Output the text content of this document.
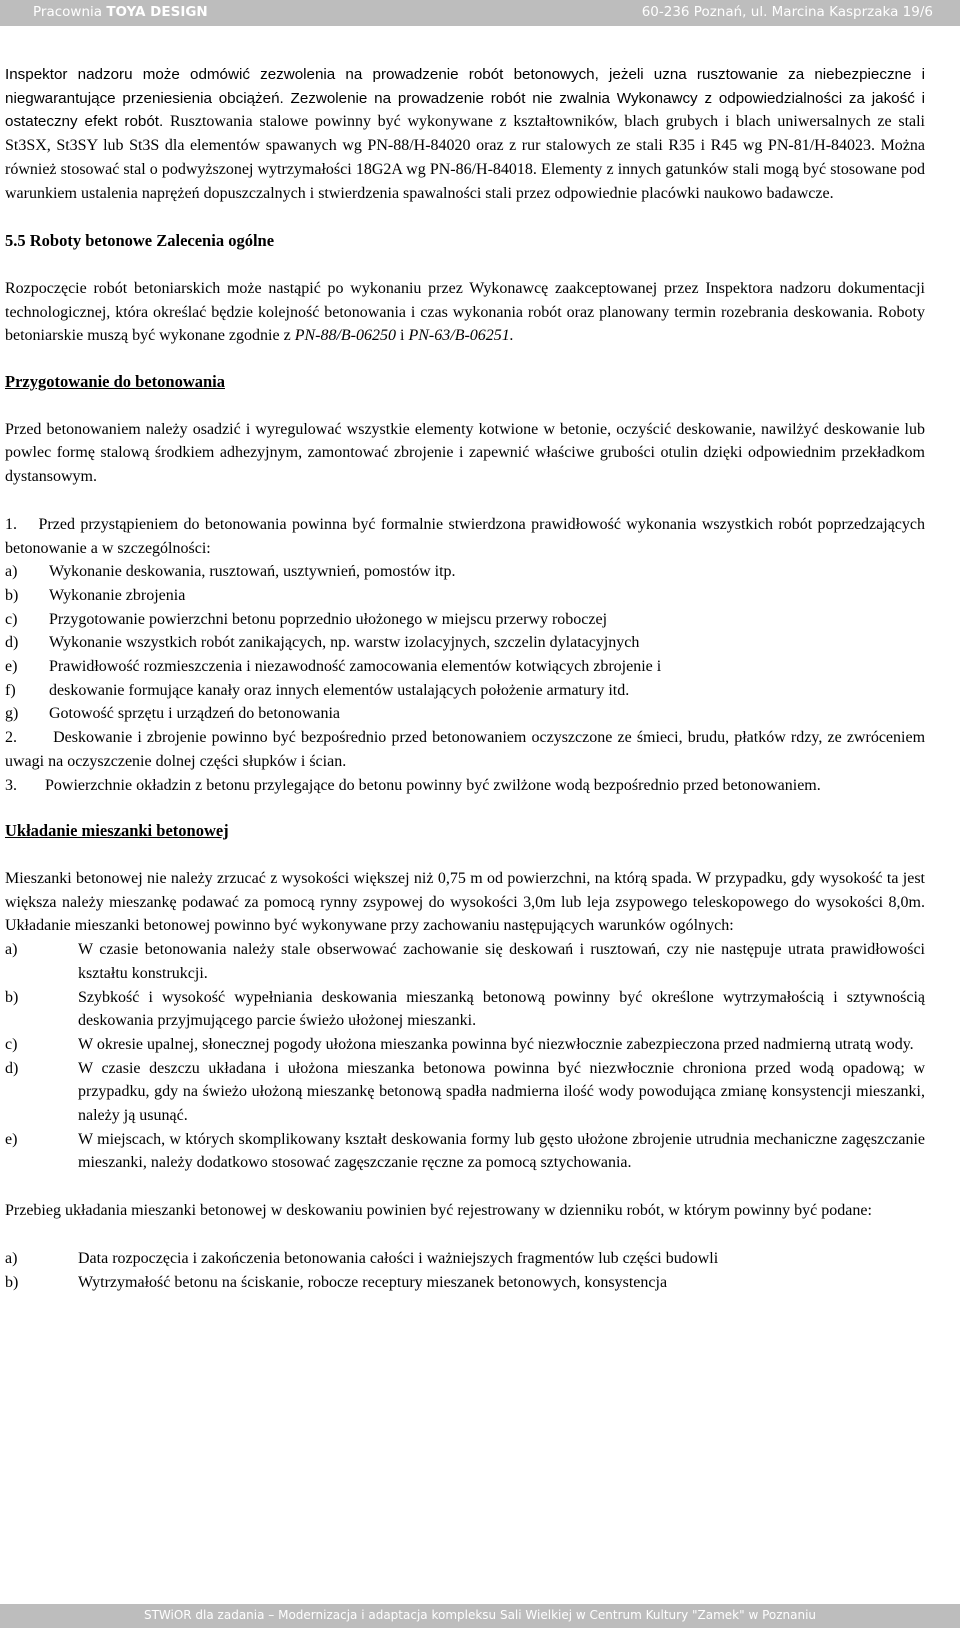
Pracownia TOYA DESIGN	60-236 Poznań, ul. Marcina Kasprzaka 19/6

Inspektor nadzoru może odmówić zezwolenia na prowadzenie robót betonowych, jeżeli uzna rusztowanie za niebezpieczne i niegwarantujące przeniesienia obciążeń. Zezwolenie na prowadzenie robót nie zwalnia Wykonawcy z odpowiedzialności za jakość i ostateczny efekt robót. Rusztowania stalowe powinny być wykonywane z kształtowników, blach grubych i blach uniwersalnych ze stali St3SX, St3SY lub St3S dla elementów spawanych wg PN-88/H-84020 oraz z rur stalowych ze stali R35 i R45 wg PN-81/H-84023. Można również stosować stal o podwyższonej wytrzymałości 18G2A wg PN-86/H-84018. Elementy z innych gatunków stali mogą być stosowane pod warunkiem ustalenia naprężeń dopuszczalnych i stwierdzenia spawalności stali przez odpowiednie placówki naukowo badawcze.

5.5 Roboty betonowe Zalecenia ogólne

Rozpoczęcie robót betoniarskich może nastąpić po wykonaniu przez Wykonawcę zaakceptowanej przez Inspektora nadzoru dokumentacji technologicznej, która określać będzie kolejność betonowania i czas wykonania robót oraz planowany termin rozebrania deskowania. Roboty betoniarskie muszą być wykonane zgodnie z PN-88/B-06250 i PN-63/B-06251.

Przygotowanie do betonowania

Przed betonowaniem należy osadzić i wyregulować wszystkie elementy kotwione w betonie, oczyścić deskowanie, nawilżyć deskowanie lub powlec formę stalową środkiem adhezyjnym, zamontować zbrojenie i zapewnić właściwe grubości otulin dzięki odpowiednim przekładkom dystansowym.

1. Przed przystąpieniem do betonowania powinna być formalnie stwierdzona prawidłowość wykonania wszystkich robót poprzedzających betonowanie a w szczególności:

a)	Wykonanie deskowania, rusztowań, usztywnień, pomostów itp.
b)	Wykonanie zbrojenia
c)	Przygotowanie powierzchni betonu poprzednio ułożonego w miejscu przerwy roboczej
d)	Wykonanie wszystkich robót zanikających, np. warstw izolacyjnych, szczelin dylatacyjnych
e)	Prawidłowość rozmieszczenia i niezawodność zamocowania elementów kotwiących zbrojenie i
f)	deskowanie formujące kanały oraz innych elementów ustalających położenie armatury itd.
g)	Gotowość sprzętu i urządzeń do betonowania

2. Deskowanie i zbrojenie powinno być bezpośrednio przed betonowaniem oczyszczone ze śmieci, brudu, płatków rdzy, ze zwróceniem uwagi na oczyszczenie dolnej części słupków i ścian.

3. Powierzchnie okładzin z betonu przylegające do betonu powinny być zwilżone wodą bezpośrednio przed betonowaniem.

Układanie mieszanki betonowej

Mieszanki betonowej nie należy zrzucać z wysokości większej niż 0,75 m od powierzchni, na którą spada. W przypadku, gdy wysokość ta jest większa należy mieszankę podawać za pomocą rynny zsypowej do wysokości 3,0m lub leja zsypowego teleskopowego do wysokości 8,0m. Układanie mieszanki betonowej powinno być wykonywane przy zachowaniu następujących warunków ogólnych:

a)	W czasie betonowania należy stale obserwować zachowanie się deskowań i rusztowań, czy nie następuje utrata prawidłowości kształtu konstrukcji.
b)	Szybkość i wysokość wypełniania deskowania mieszanką betonową powinny być określone wytrzymałością i sztywnością deskowania przyjmującego parcie świeżo ułożonej mieszanki.
c)	W okresie upalnej, słonecznej pogody ułożona mieszanka powinna być niezwłocznie zabezpieczona przed nadmierną utratą wody.
d)	W czasie deszczu układana i ułożona mieszanka betonowa powinna być niezwłocznie chroniona przed wodą opadową; w przypadku, gdy na świeżo ułożoną mieszankę betonową spadła nadmierna ilość wody powodująca zmianę konsystencji mieszanki, należy ją usunąć.
e)	W miejscach, w których skomplikowany kształt deskowania formy lub gęsto ułożone zbrojenie utrudnia mechaniczne zagęszczanie mieszanki, należy dodatkowo stosować zagęszczanie ręczne za pomocą sztychowania.

Przebieg układania mieszanki betonowej w deskowaniu powinien być rejestrowany w dzienniku robót, w którym powinny być podane:

a)	Data rozpoczęcia i zakończenia betonowania całości i ważniejszych fragmentów lub części budowli
b)	Wytrzymałość betonu na ściskanie, robocze receptury mieszanek betonowych, konsystencja
STWiOR dla zadania – Modernizacja i adaptacja kompleksu Sali Wielkiej w Centrum Kultury "Zamek" w Poznaniu
